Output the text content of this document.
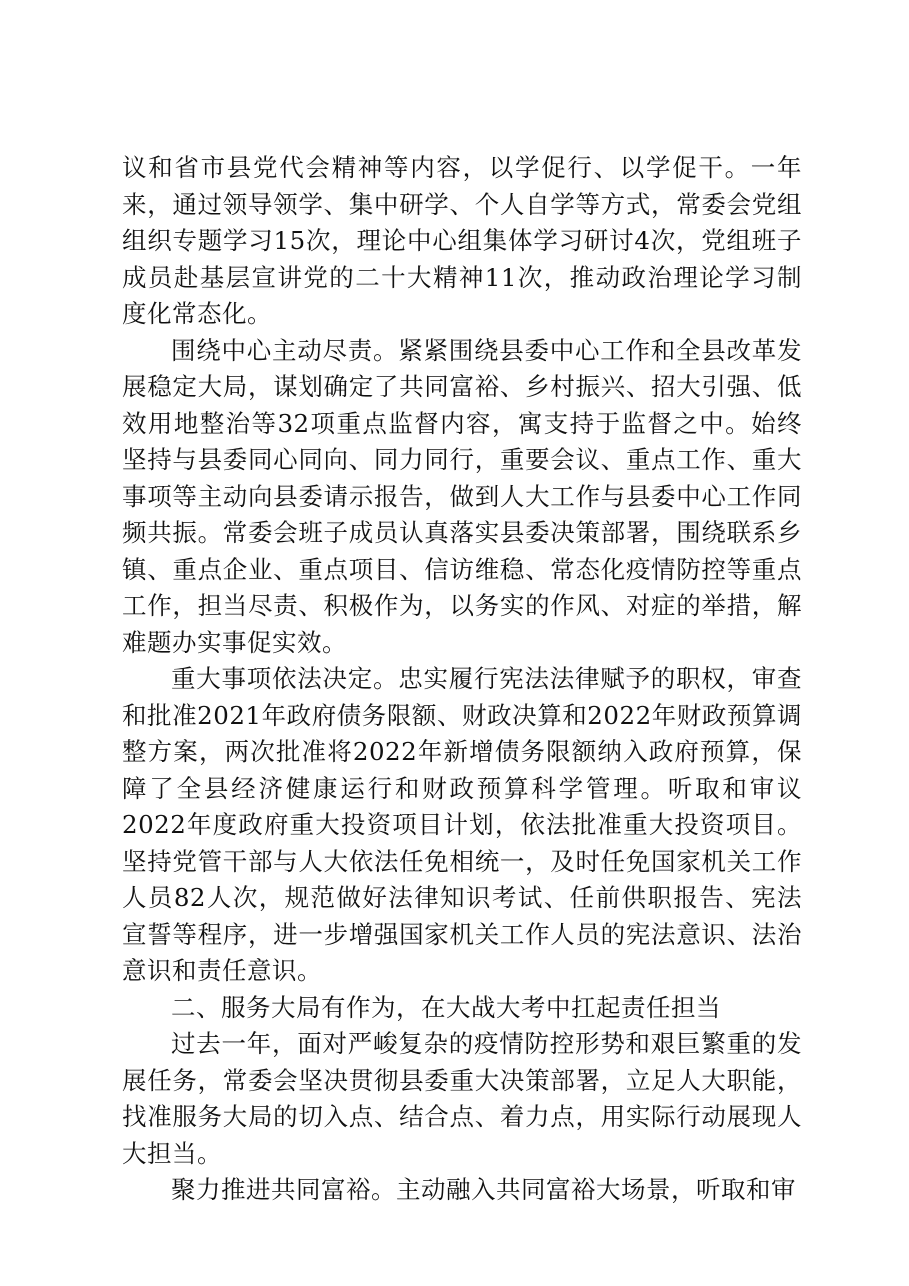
议和省市县党代会精神等内容，以学促行、以学促干。一年来，通过领导领学、集中研学、个人自学等方式，常委会党组组织专题学习15次，理论中心组集体学习研讨4次，党组班子成员赴基层宣讲党的二十大精神11次，推动政治理论学习制度化常态化。

围绕中心主动尽责。紧紧围绕县委中心工作和全县改革发展稳定大局，谋划确定了共同富裕、乡村振兴、招大引强、低效用地整治等32项重点监督内容，寓支持于监督之中。始终坚持与县委同心同向、同力同行，重要会议、重点工作、重大事项等主动向县委请示报告，做到人大工作与县委中心工作同频共振。常委会班子成员认真落实县委决策部署，围绕联系乡镇、重点企业、重点项目、信访维稳、常态化疫情防控等重点工作，担当尽责、积极作为，以务实的作风、对症的举措，解难题办实事促实效。

重大事项依法决定。忠实履行宪法法律赋予的职权，审查和批准2021年政府债务限额、财政决算和2022年财政预算调整方案，两次批准将2022年新增债务限额纳入政府预算，保障了全县经济健康运行和财政预算科学管理。听取和审议2022年度政府重大投资项目计划，依法批准重大投资项目。坚持党管干部与人大依法任免相统一，及时任免国家机关工作人员82人次，规范做好法律知识考试、任前供职报告、宪法宣誓等程序，进一步增强国家机关工作人员的宪法意识、法治意识和责任意识。

二、服务大局有作为，在大战大考中扛起责任担当

过去一年，面对严峻复杂的疫情防控形势和艰巨繁重的发展任务，常委会坚决贯彻县委重大决策部署，立足人大职能，找准服务大局的切入点、结合点、着力点，用实际行动展现人大担当。

聚力推进共同富裕。主动融入共同富裕大场景，听取和审
